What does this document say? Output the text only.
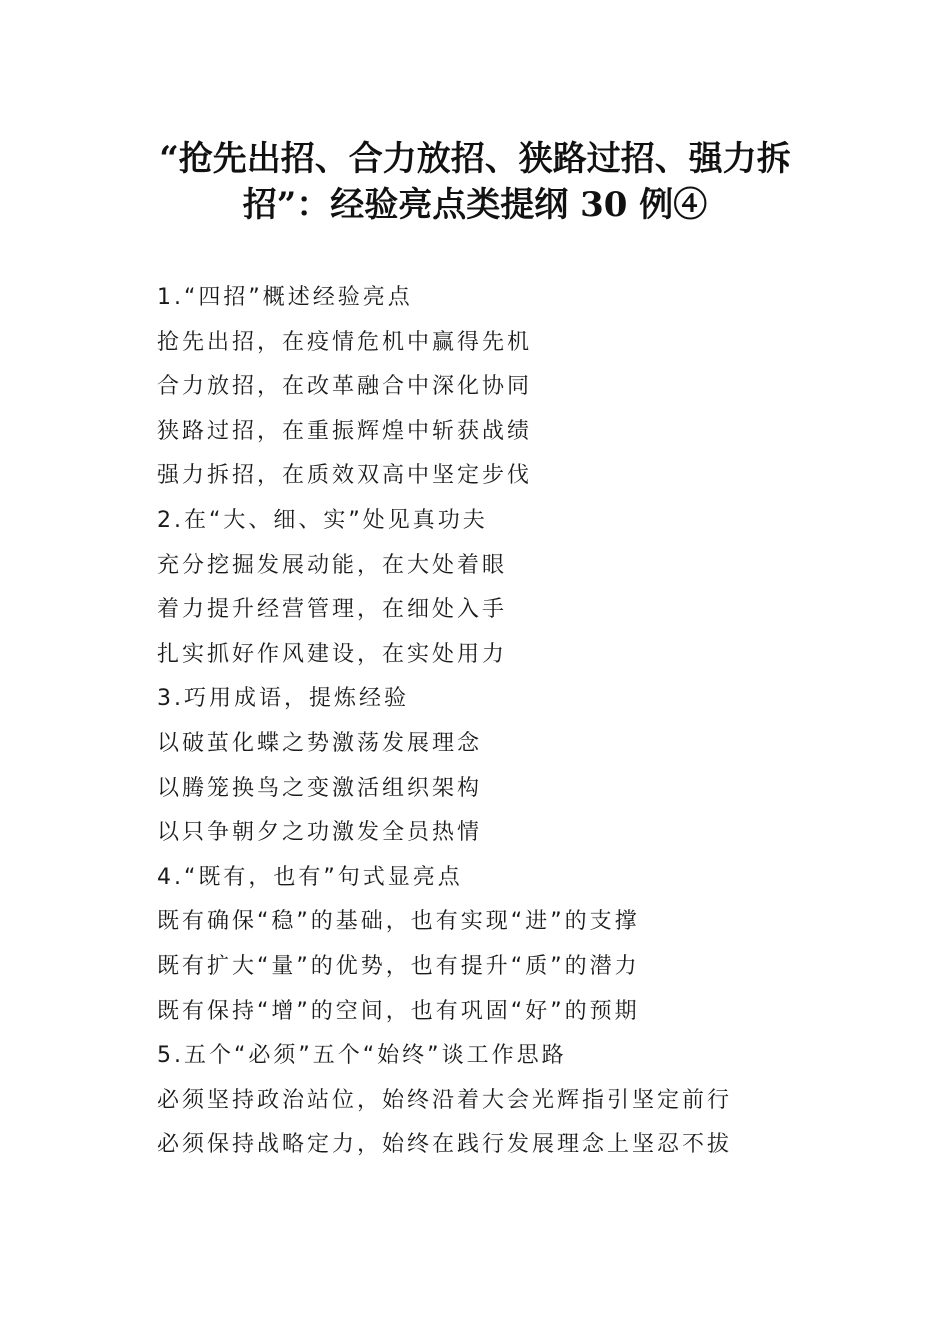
“抢先出招、合力放招、狭路过招、强力拆
招”：经验亮点类提纲 30 例④
1.“四招”概述经验亮点
抢先出招，在疫情危机中赢得先机
合力放招，在改革融合中深化协同
狭路过招，在重振辉煌中斩获战绩
强力拆招，在质效双高中坚定步伐
2.在“大、细、实”处见真功夫
充分挖掘发展动能，在大处着眼
着力提升经营管理，在细处入手
扎实抓好作风建设，在实处用力
3.巧用成语，提炼经验
以破茧化蝶之势激荡发展理念
以腾笼换鸟之变激活组织架构
以只争朝夕之功激发全员热情
4.“既有，也有”句式显亮点
既有确保“稳”的基础，也有实现“进”的支撑
既有扩大“量”的优势，也有提升“质”的潜力
既有保持“增”的空间，也有巩固“好”的预期
5.五个“必须”五个“始终”谈工作思路
必须坚持政治站位，始终沿着大会光辉指引坚定前行
必须保持战略定力，始终在践行发展理念上坚忍不拔
